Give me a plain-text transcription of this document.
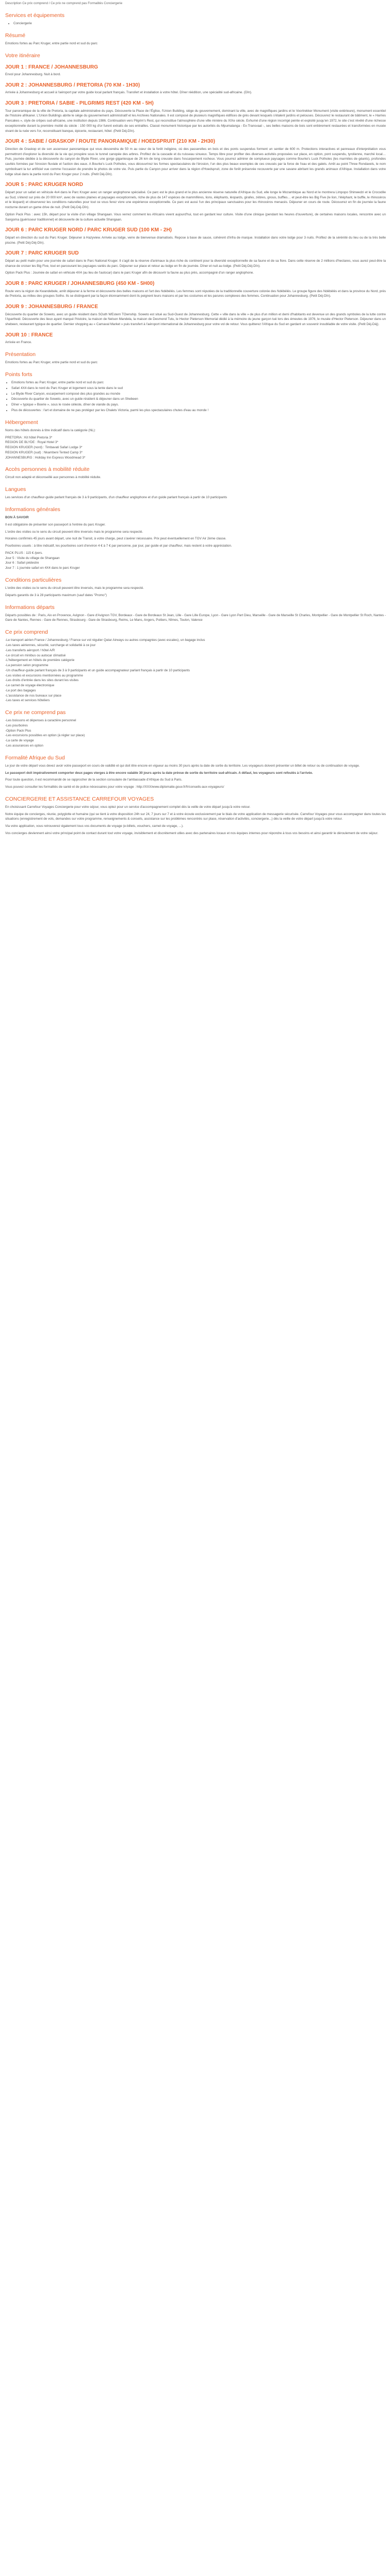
Description Ce prix comprend / Ce prix ne comprend pas Formalités Conciergerie
Services et équipements
• Conciergerie
Résumé

Emotions fortes au Parc Kruger, entre partie nord et sud du parc

Votre itinéraire
JOUR 1 : FRANCE / JOHANNESBURG

Envol pour Johannesburg. Nuit à bord.

JOUR 2 : JOHANNESBURG / PRETORIA (70 KM - 1H30)

Arrivée à Johannesburg et accueil à l'aéroport par votre guide local parlant français. Transfert et installation à votre hôtel. Dîner réédition, une spécialité sud-africaine. (Dîn).

JOUR 3 : PRETORIA / SABIE - PILGRIMS REST (420 KM - 5H)

Tour panoramique de la ville de Pretoria, la capitale administrative du pays. Découverte la Place de l'Église, l'Union Building, siège du gouvernement, dominant la ville, avec de magnifiques jardins et le Voortrekker Monument (visite extérieure), monument essentiel de l'histoire afrikaner. L'Union Buildings abrite le siège du gouvernement administratif et les Archives Nationales. Il est composé de plusieurs magnifiques édifices de grès devant lesquels s'étalent jardins et pelouses. Découvrez le restaurant de bâtiment, le « Harries Pancakes », style de crêpes sud-africaine, une institution depuis 1986. Continuation vers Pilgrim's Rest, qui reconstitue l'atmosphère d'une ville minière du XIXe siècle. Exhumé d'une région incorrigé peinte et exploité jusqu'en 1972, le site c'est révélé d'une richesse exceptionnelle durant la première moitié du siècle : 150 000 kg d'or furent extraits de ses entrailles. Classé monument historique par les autorités du Mpumalanga - Ex-Transvaal -, ses belles maisons de bois sont entièrement restaurées et transformées en musée vivant de la ruée vers l'or, reconstituant banque, épicerie, restaurant, hôtel. (Petit Déj-Dîn).

JOUR 4 : SABIE / GRASKOP / ROUTE PANORAMIQUE / HOEDSPRUIT (210 KM - 2H30)

Direction de Graskop et de son ascenseur panoramique qui vous descendra de 50 m au cœur de la forêt indigène, où des passerelles en bois et des ponts suspendus forment un sentier de 600 m. Protections interactives et panneaux d'interprétation vous permettront d'explorer la diversité de la vie qui prospère sous le tunnel canopée des arbres. Profitez de la cascade et du ruisseau sinueux. Temps libre pour profiter des diverses activités proposées sur place, en option, pont suspendu, tyrolienne, marché local… Puis, journée dédiée à la découverte du canyon de Blyde River, une gorge gigantesque de 26 km de long creusée dans l'escarpement rocheux. Vous pourrez admirer de somptueux paysages comme Bourke's Luck Potholes (les marmites de géants), profondes cavités formées par l'érosion fluviale et l'action des eaux. A Bourke's Luck Potholes, vous découvrirez les formes spectaculaires de l'érosion, l'un des plus beaux exemples de ces creusés par la force de l'eau et des galets. Arrêt au point Three Rondavels, le nom symbolisant la tur artificiel vue comme l'occasion de prendre le photos de votre vie. Puis partie du Canyon pour arriver dans la région d'Hoedspruit, zone de forêt préservée recouverte par une savane abritant les grands animaux d'Afrique. Installation dans votre lodge situé dans la partie nord du Parc Kruger pour 2 nuits. (Petit Déj-Dîn).

JOUR 5 : PARC KRUGER NORD

Départ pour un safari en véhicule 4x4 dans le Parc Kruger avec un ranger anglophone spécialisé. Ce parc est le plus grand et le plus ancienne réserve naturelle d'Afrique du Sud, elle longe le Mozambique au Nord et le montrera Limpopo Shinwedzi et le Crocodile au Sud, s'étend sur près de 20 000 km², avec de vastes plaines et paysages exceptionnels, riche de plus de 147 espèces de mammifères, lions, éléphants, léopards, girafes, zèbres, gnous, buffles… et peut-être les Big Five (le lion, l'éléphant, le buffle, le rhinocéros et le léopard) et observerez les conditions naturelles pour tout ce vous ferez vivre une expérience exceptionnelle. Ce parc est aussi l'un des principaux sanctuaires pour les rhinocéros menacés. Déjeuner en cours de route. Découvrez en fin de journée la faune nocturne durant un game drive de nuit. (Petit Déj-Déj-Dîn).

Option Pack Plus : avec 15h, départ pour la visite d'un village Shangaan. Vous verrez comment les Africains vivent aujourd'hui, tout en gardant leur culture. Visite d'une clinique (pendant les heures d'ouverture), de certaines maisons locales, rencontre avec un Sangoma (guérisseur traditionnel) et découverte de la culture actuelle Shangaan.

JOUR 6 : PARC KRUGER NORD / PARC KRUGER SUD (100 KM - 2H)

Départ en direction du sud du Parc Kruger. Déjeuner à Hazyview. Arrivée au lodge, verre de bienvenue dramatisés. Repose à base de sauce, cohérent d'infra de marque. Installation dans votre lodge pour 3 nuits. Profitez de la sérénité du lieu ou de la très belle piscine. (Petit Déj-Déj-Dîn).

JOUR 7 : PARC KRUGER SUD

Départ au petit matin pour une journée de safari dans le Parc National Kruger. Il s'agit de la réserve d'animaux la plus riche du continent pour la diversité exceptionnelle de sa faune et de sa flore. Dans cette réserve de 2 millions d'hectares, vous aurez peut-être la chance de croiser les Big Five, tout en parcourant les paysages variés du parc. Déjeuner sur place et retour au lodge en fin de journée. Dîner et nuit au lodge. (Petit Déj-Déj-Dîn).

Option Pack Plus : Journée de safari en véhicule 4X4 (au lieu de l'autocar) dans le parc Kruger afin de découvrir la faune au plus près, accompagné d'un ranger anglophone.

JOUR 8 : PARC KRUGER / JOHANNESBURG (450 KM - 5H00)

Route vers la région de Kwandebele, arrêt déjeuner à la ferme et découverte des belles maisons et l'art des Ndébélés. Les femmes sont réputées de la traditionnelle couverture colorée des Ndébélés. Le groupe figure des Ndébélés et dans la province du Nord, près de Pretoria, au milieu des groupes Sotho. Ils se distinguent par la façon étonnamment dont ils peignent leurs maisons et par les costumes et les parures complexes des femmes. Continuation pour Johannesburg. (Petit Déj-Dîn).

JOUR 9 : JOHANNESBURG / FRANCE

Découverte du quartier de Soweto, avec un guide résident dans SOuth WEstern TOwnship. Soweto est situé au Sud-Ouest de Johannesburg. Cette « ville dans la ville » de plus d'un million et demi d'habitants est devenue un des grands symboles de la lutte contre l'Apartheid. Découverte des lieux ayant marqué l'histoire, la maison de Nelson Mandela, la maison de Desmond Tutu, le Hector Pieterson Memorial dédié à la mémoire du jeune garçon tué lors des émeutes de 1976, le musée d'Hector Pieterson. Déjeuner dans un shebeen, restaurant typique de quartier. Dernier shopping au « Carnaval Market » puis transfert à l'aéroport international de Johannesburg pour votre vol de retour. Vous quitterez l'Afrique du Sud en gardant un souvenir inoubliable de votre visite. (Petit Déj-Déj).

JOUR 10 : FRANCE

Arrivée en France.

Présentation

Emotions fortes au Parc Kruger, entre partie nord et sud du parc

Points forts
• Emotions fortes au Parc Kruger, entre partie nord et sud du parc
• Safari 4X4 dans le nord du Parc Kruger et logement sous la tente dans le sud
• Le Blyde River Canyon, escarpement composé des plus grandes au monde
• Découverte du quartier de Soweto, avec un guide résident & déjeuner dans un Shebeen
• Dîner « typique » Boerie », sous le rosée céleste, dîner de viande du pays.
• Plus de découvertes : l'art et domaine de ne pas protégez par les Chalets Victoria, parmi les plus spectaculaires chutes d'eau au monde !
Hébergement

Noms des hôtels donnés à titre indicatif dans la catégorie (NL):

PRETORIA : Kit hôtel Pretoria 3*

REGION DE BLYDE : Royal Hotel 3*

REGION KRUGER (nord) : Timbavati Safari Lodge 3*

REGION KRUGER (sud) : Nkambeni Tented Camp 3*

JOHANNESBURG : Holiday Inn Express Woodmead 3*

Accès personnes à mobilité réduite

Circuit non adapté et déconseillé aux personnes à mobilité réduite.

Langues

Les services d'un chauffeur-guide parlant français de 3 à 9 participants, d'un chauffeur anglophone et d'un guide parlant français à partir de 10 participants

Informations générales

BON À SAVOIR

Il est obligatoire de présenter son passeport à l'entrée du parc Kruger.

L'ordre des visites ou le sens du circuit peuvent être inversés mais le programme sera respecté.

Horaires confirmés 45 jours avant départ, une nuit de Transit, à votre charge, peut s'avérer nécessaire. Prix peut éventuellement en TGV Air 2ème classe.

Pourboires usuels : à titre indicatif, les pourboires sont d'environ 4 € à 7 € par personne, par jour, par guide et par chauffeur, mais restent à votre appréciation.

PACK PLUS : 115 € /pers.

Jour 5 : Visite du village de Shangaan

Jour 6 : Safari pédestre

Jour 7 : 1 journée safari en 4X4 dans le parc Kruger

Conditions particulières

L'ordre des visites ou le sens du circuit peuvent être inversés, mais le programme sera respecté.

Départs garantis de 3 à 28 participants maximum (sauf dates "Promo")

Informations départs

Départs possibles de : Paris, Aix en Provence, Avignon - Gare d'Avignon TGV, Bordeaux - Gare de Bordeaux St Jean, Lille - Gare Lille Europe, Lyon - Gare Lyon Part Dieu, Marseille - Gare de Marseille St Charles, Montpellier - Gare de Montpellier St Roch, Nantes - Gare de Nantes, Rennes - Gare de Rennes, Strasbourg - Gare de Strasbourg, Reims, Le Mans, Angers, Poitiers, Nîmes, Toulon, Valence

Ce prix comprend

-Le transport aérien France / Johannesburg / France sur vol régulier Qatar Airways ou autres compagnies (avec escales), un bagage inclus

-Les taxes aériennes, sécurité, surcharge et solidarité à ce jour

-Les transferts aéroport / hôtel A/R

-Le circuit en minibus ou autocar climatisé

-L'hébergement en hôtels de première catégorie

-La pension selon programme

-Un chauffeur-guide parlant français de 3 à 9 participants et un guide accompagnateur parlant français à partir de 10 participants

-Les visites et excursions mentionnées au programme

-Les droits d'entrée dans les sites durant les visites

-Le carnet de voyage électronique

-Le port des bagages

-L'assistance de nos bureaux sur place

-Les taxes et services hôteliers

Ce prix ne comprend pas

-Les boissons et dépenses à caractère personnel

-Les pourboires

-Option Pack Plus

-Les excursions possibles en option (à régler sur place)

-La carte de voyage

-Les assurances en option

Formalité Afrique du Sud

Le jour de votre départ vous devez avoir votre passeport en cours de validité et qui doit être encore en vigueur au moins 30 jours après la date de sortie du territoire. Les voyageurs doivent présenter un billet de retour ou de continuation de voyage.

Le passeport doit impérativement comporter deux pages vierges à être encore valable 30 jours après la date prévue de sortie du territoire sud-africain. A défaut, les voyageurs sont refoulés à l'arrivée.

Pour toute question, il est recommandé de se rapprocher de la section consulaire de l'ambassade d'Afrique du Sud à Paris.

Vous pouvez consulter les formalités de santé et de police nécessaires pour votre voyage : http://XXX/www.diplomatie.gouv.fr/fr/conseils-aux-voyageurs/

CONCIERGERIE ET ASSISTANCE CARREFOUR VOYAGES

En choisissant Carrefour Voyages Conciergerie pour votre séjour, vous optez pour un service d'accompagnement complet dès la veille de votre départ jusqu'à votre retour.

Notre équipe de concierges, réunie, polyglotte et humaine (qui se tient à votre disposition 24h sur 24, 7 jours sur 7 et à votre écoute exclusivement par le biais de votre application de messagerie sécurisée. Carrefour Voyages pour vous accompagner dans toutes les situations (enregistrement de vols, demandes sur votre programme, renseignements & conseils, assistance sur les problèmes rencontrés sur place, réservation d'activités, conciergerie...) dès la veille de votre départ jusqu'à votre retour.

Via votre application, vous retrouverez également tous vos documents de voyage (e-billets, vouchers, carnet de voyage, ...).

Vos concierges deviennent ainsi votre principal point de contact durant tout votre voyage, invisiblement et discrètement utiles avec des partenaires locaux et nos équipes internes pour répondre à tous vos besoins et ainsi garantir le déroulement de votre séjour.
